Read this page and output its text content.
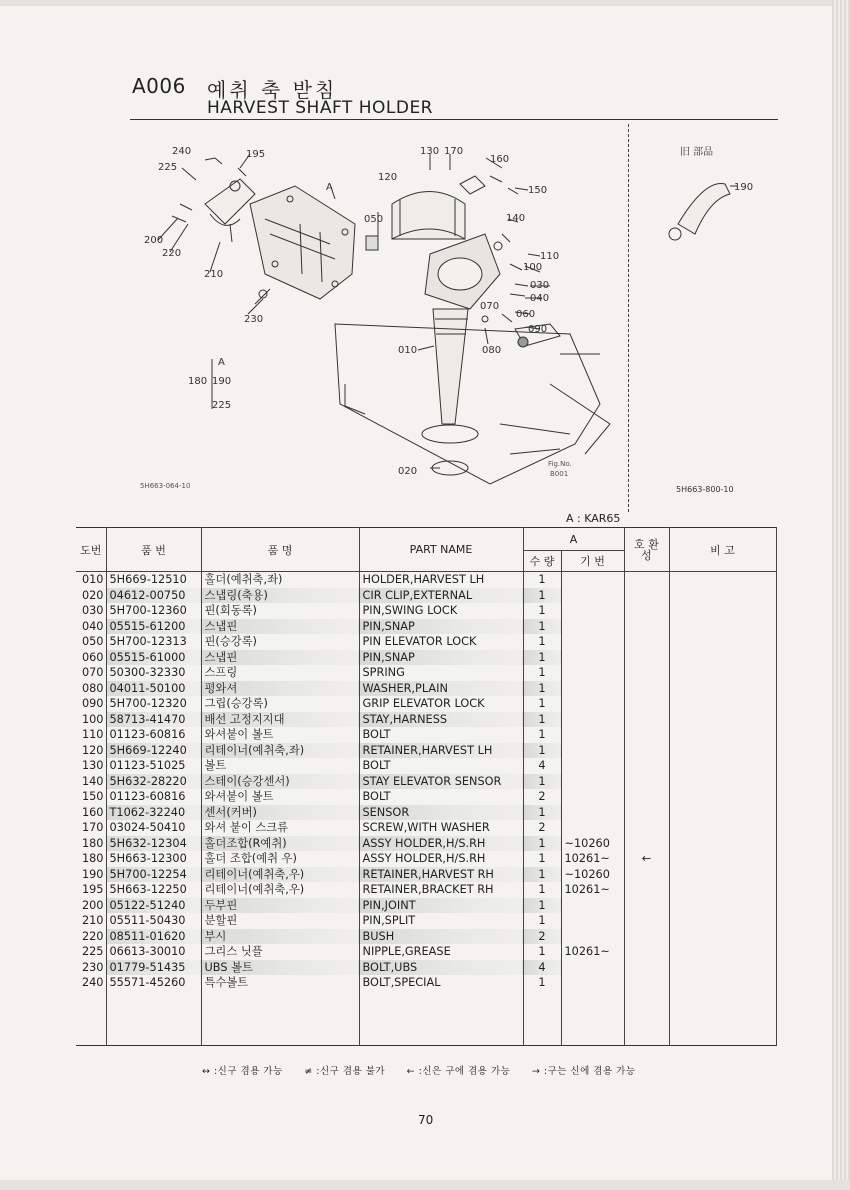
A006 예취 축 받침
HARVEST SHAFT HOLDER
240	195
225
200
220
210
230
130 170
160
120
150
140
050
110
100
030
040
070
060
090
080
010
020
190
180 190
225
A
A
旧 部品
Fig.No.
B001
5H663-064-10	5H663-800-10
A : KAR65
도번	품 번	품 명	PART NAME	A		호 환 성	비 고
				수 량	기 번		
010	5H669-12510	홀더(예취축,좌)	HOLDER,HARVEST LH	1			
020	04612-00750	스냅링(축용)	CIR CLIP,EXTERNAL	1			
030	5H700-12360	핀(회동록)	PIN,SWING LOCK	1			
040	05515-61200	스냅핀	PIN,SNAP	1			
050	5H700-12313	핀(승강록)	PIN ELEVATOR LOCK	1			
060	05515-61000	스냅핀	PIN,SNAP	1			
070	50300-32330	스프링	SPRING	1			
080	04011-50100	평와셔	WASHER,PLAIN	1			
090	5H700-12320	그립(승강록)	GRIP ELEVATOR LOCK	1			
100	58713-41470	배선 고정지지대	STAY,HARNESS	1			
110	01123-60816	와셔붙이 볼트	BOLT	1			
120	5H669-12240	리테이너(예취축,좌)	RETAINER,HARVEST LH	1			
130	01123-51025	볼트	BOLT	4			
140	5H632-28220	스테이(승강센서)	STAY ELEVATOR SENSOR	1			
150	01123-60816	와셔붙이 볼트	BOLT	2			
160	T1062-32240	센서(커버)	SENSOR	1			
170	03024-50410	와셔 붙이 스크류	SCREW,WITH WASHER	2			
180	5H632-12304	홀더조합(R예취)	ASSY HOLDER,H/S.RH	1	~10260		
180	5H663-12300	홀더 조합(예취 우)	ASSY HOLDER,H/S.RH	1	10261~	←	
190	5H700-12254	리테이너(예취축,우)	RETAINER,HARVEST RH	1	~10260		
195	5H663-12250	리테이너(예취축,우)	RETAINER,BRACKET RH	1	10261~		
200	05122-51240	두부핀	PIN,JOINT	1			
210	05511-50430	분할핀	PIN,SPLIT	1			
220	08511-01620	부시	BUSH	2			
225	06613-30010	그리스 닛플	NIPPLE,GREASE	1	10261~		
230	01779-51435	UBS 볼트	BOLT,UBS	4			
240	55571-45260	특수볼트	BOLT,SPECIAL	1			

↔ :신구 겸용 가능 ≠ :신구 겸용 불가 ← :신은 구에 겸용 가능 → :구는 신에 겸용 가능
70
